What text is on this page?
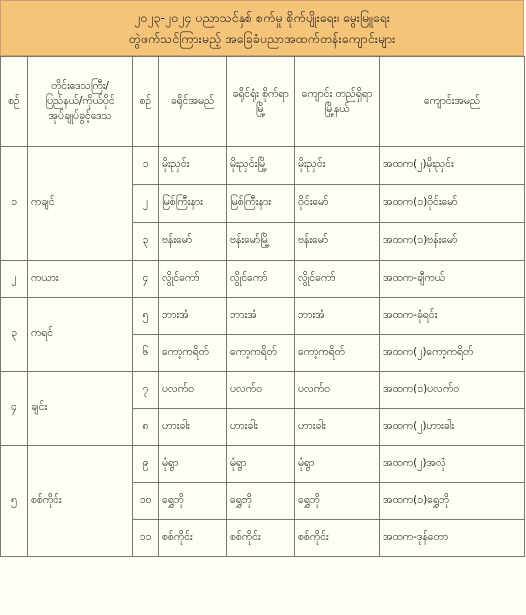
၂၀၂၃-၂၀၂၄ ပညာသင်နှစ် စက်မှု စိုက်ပျိုးရေး၊ မွေးမြူရေး
တွဲဖက်သင်ကြားမည့် အခြေခံပညာအထက်တန်းကျောင်းများ
စဉ်	တိုင်းဒေသကြီး/ ပြည်နယ်/ကိုယ်ပိုင် အုပ်ချုပ်ခွင့်ဒေသ	စဉ်	ခရိုင်အမည်	ခရိုင်ရုံး စိုက်ရာမြို့	ကျောင်း တည်ရှိရာ မြို့နယ်	ကျောင်းအမည်
၁	ကချင်	၁	မိုးညှင်း	မိုးညှင်းမြို့	မိုးညှင်း	အထက(၂)မိုးညှင်း
		၂	မြစ်ကြီးနား	မြစ်ကြီးနား	ဝိုင်းမော်	အထက(၁)ဝိုင်းမော်
		၃	ဗန်းမော်	ဗန်းမော်မြို့	ဗန်းမော်	အထက(၁)ဗန်းမော်
၂	ကယား	၄	လွိုင်ကော်	လွိုင်ကော်	လွိုင်ကော်	အထက-ချီကယ်
၃	ကရင်	၅	ဘားအံ	ဘားအံ	ဘားအံ	အထက-ခုံရင်း
		၆	ကော့ကရိတ်	ကော့ကရိတ်	ကော့ကရိတ်	အထက(၂)ကော့ကရိတ်
၄	ချင်း	၇	ပလက်ဝ	ပလက်ဝ	ပလက်ဝ	အထက(၁)ပလက်ဝ
		၈	ဟားခါး	ဟားခါး	ဟားခါး	အထက(၂)ဟားခါး
၅	စစ်ကိုင်း	၉	မုံရွာ	မုံရွာ	မုံရွာ	အထက(၂)အလုံ
		၁၀	ရွှေဘို	ရွှေဘို	ရွှေဘို	အထက(၁)ရွှေဘို
		၁၁	စစ်ကိုင်း	စစ်ကိုင်း	စစ်ကိုင်း	အထက-ဒုန်တော
